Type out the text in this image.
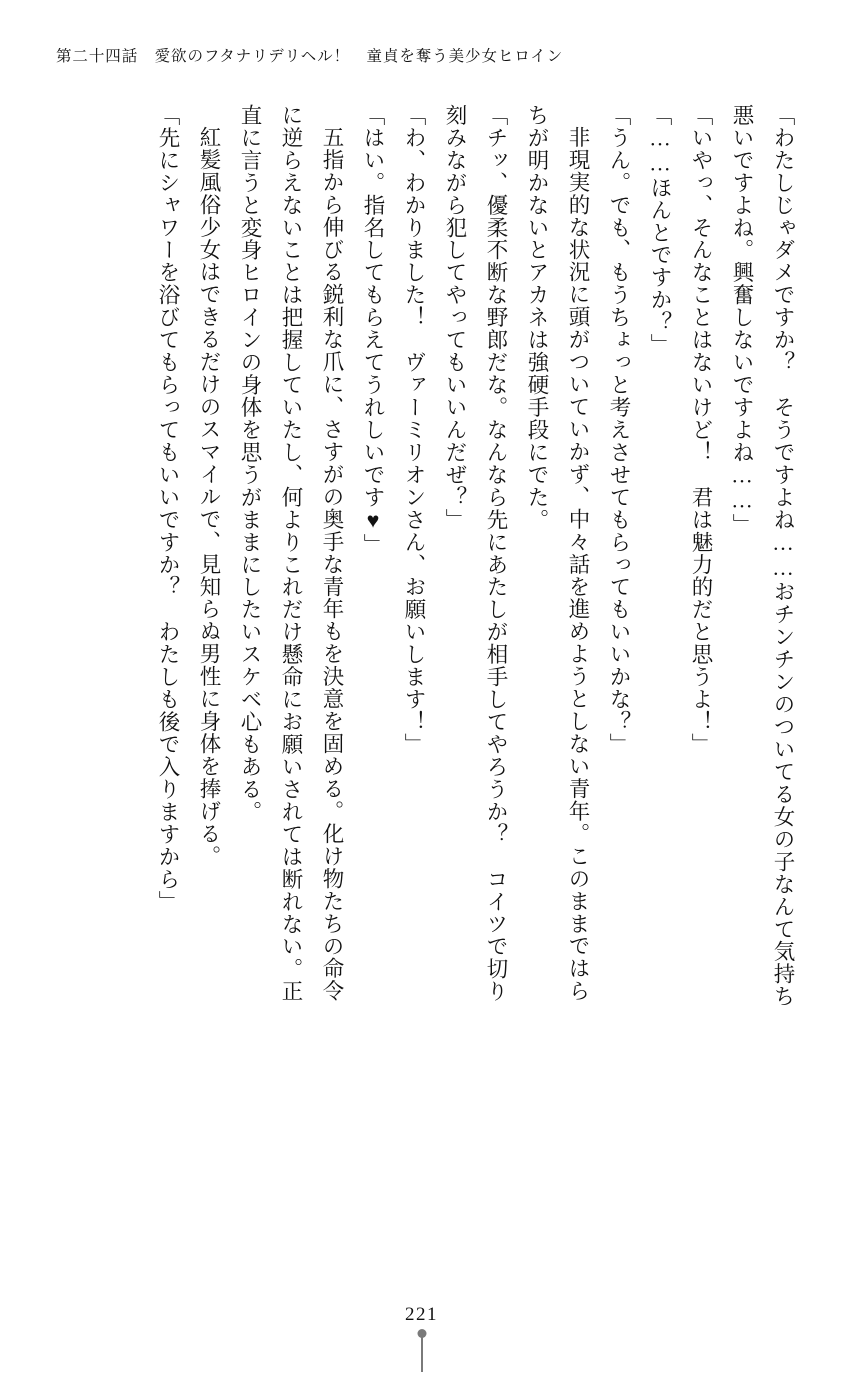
第二十四話　愛欲のフタナリデリヘル！　童貞を奪う美少女ヒロイン
「わたしじゃダメですか？　そうですよね……おチンチンのついてる女の子なんて気持ち
悪いですよね。興奮しないですよね……」
「いやっ、そんなことはないけど！　君は魅力的だと思うよ！」
「……ほんとですか？」
「うん。でも、もうちょっと考えさせてもらってもいいかな？」
非現実的な状況に頭がついていかず、中々話を進めようとしない青年。このままではら
ちが明かないとアカネは強硬手段にでた。
「チッ、優柔不断な野郎だな。なんなら先にあたしが相手してやろうか？　コイツで切り
刻みながら犯してやってもいいんだぜ？」
「わ、わかりました！　ヴァーミリオンさん、お願いします！」
「はい。指名してもらえてうれしいです♥」
五指から伸びる鋭利な爪に、さすがの奥手な青年もを決意を固める。化け物たちの命令
に逆らえないことは把握していたし、何よりこれだけ懸命にお願いされては断れない。正
直に言うと変身ヒロインの身体を思うがままにしたいスケベ心もある。
紅髪風俗少女はできるだけのスマイルで、見知らぬ男性に身体を捧げる。
「先にシャワーを浴びてもらってもいいですか？　わたしも後で入りますから」
221
